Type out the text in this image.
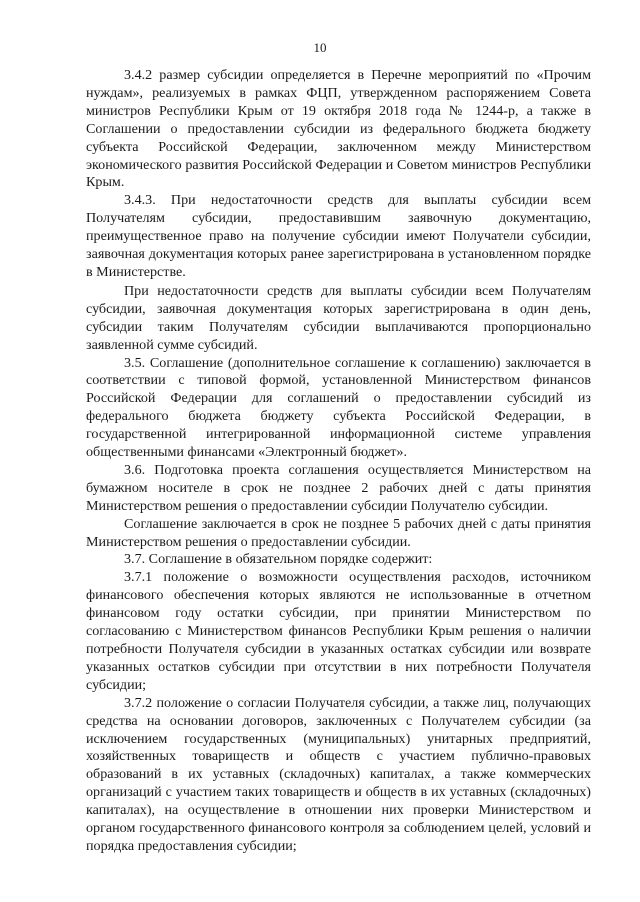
10

3.4.2 размер субсидии определяется в Перечне мероприятий по «Прочим нуждам», реализуемых в рамках ФЦП, утвержденном распоряжением Совета министров Республики Крым от 19 октября 2018 года № 1244-р, а также в Соглашении о предоставлении субсидии из федерального бюджета бюджету субъекта Российской Федерации, заключенном между Министерством экономического развития Российской Федерации и Советом министров Республики Крым.

3.4.3. При недостаточности средств для выплаты субсидии всем Получателям субсидии, предоставившим заявочную документацию, преимущественное право на получение субсидии имеют Получатели субсидии, заявочная документация которых ранее зарегистрирована в установленном порядке в Министерстве.

При недостаточности средств для выплаты субсидии всем Получателям субсидии, заявочная документация которых зарегистрирована в один день, субсидии таким Получателям субсидии выплачиваются пропорционально заявленной сумме субсидий.

3.5. Соглашение (дополнительное соглашение к соглашению) заключается в соответствии с типовой формой, установленной Министерством финансов Российской Федерации для соглашений о предоставлении субсидий из федерального бюджета бюджету субъекта Российской Федерации, в государственной интегрированной информационной системе управления общественными финансами «Электронный бюджет».

3.6. Подготовка проекта соглашения осуществляется Министерством на бумажном носителе в срок не позднее 2 рабочих дней с даты принятия Министерством решения о предоставлении субсидии Получателю субсидии.

Соглашение заключается в срок не позднее 5 рабочих дней с даты принятия Министерством решения о предоставлении субсидии.

3.7. Соглашение в обязательном порядке содержит:

3.7.1 положение о возможности осуществления расходов, источником финансового обеспечения которых являются не использованные в отчетном финансовом году остатки субсидии, при принятии Министерством по согласованию с Министерством финансов Республики Крым решения о наличии потребности Получателя субсидии в указанных остатках субсидии или возврате указанных остатков субсидии при отсутствии в них потребности Получателя субсидии;

3.7.2 положение о согласии Получателя субсидии, а также лиц, получающих средства на основании договоров, заключенных с Получателем субсидии (за исключением государственных (муниципальных) унитарных предприятий, хозяйственных товариществ и обществ с участием публично-правовых образований в их уставных (складочных) капиталах, а также коммерческих организаций с участием таких товариществ и обществ в их уставных (складочных) капиталах), на осуществление в отношении них проверки Министерством и органом государственного финансового контроля за соблюдением целей, условий и порядка предоставления субсидии;
